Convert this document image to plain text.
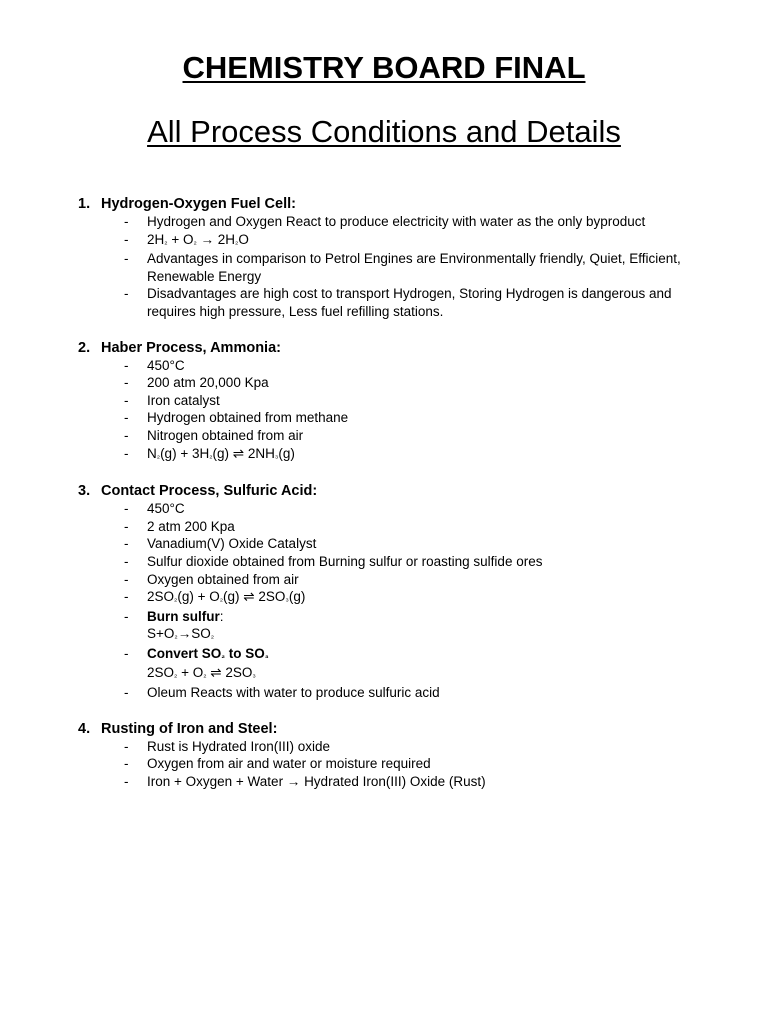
CHEMISTRY BOARD FINAL
All Process Conditions and Details
1. Hydrogen-Oxygen Fuel Cell:
- Hydrogen and Oxygen React to produce electricity with water as the only byproduct
- 2H₂ + O₂ → 2H₂O
- Advantages in comparison to Petrol Engines are Environmentally friendly, Quiet, Efficient, Renewable Energy
- Disadvantages are high cost to transport Hydrogen, Storing Hydrogen is dangerous and requires high pressure, Less fuel refilling stations.
2. Haber Process, Ammonia:
- 450°C
- 200 atm 20,000 Kpa
- Iron catalyst
- Hydrogen obtained from methane
- Nitrogen obtained from air
- N₂(g) + 3H₂(g) ⇌ 2NH₃(g)
3. Contact Process, Sulfuric Acid:
- 450°C
- 2 atm 200 Kpa
- Vanadium(V) Oxide Catalyst
- Sulfur dioxide obtained from Burning sulfur or roasting sulfide ores
- Oxygen obtained from air
- 2SO₂(g) + O₂(g) ⇌ 2SO₃(g)
- Burn sulfur:
S+O₂→SO₂
- Convert SO₂ to SO₃
2SO₂ + O₂ ⇌ 2SO₃
- Oleum Reacts with water to produce sulfuric acid
4. Rusting of Iron and Steel:
- Rust is Hydrated Iron(III) oxide
- Oxygen from air and water or moisture required
- Iron + Oxygen + Water → Hydrated Iron(III) Oxide (Rust)
